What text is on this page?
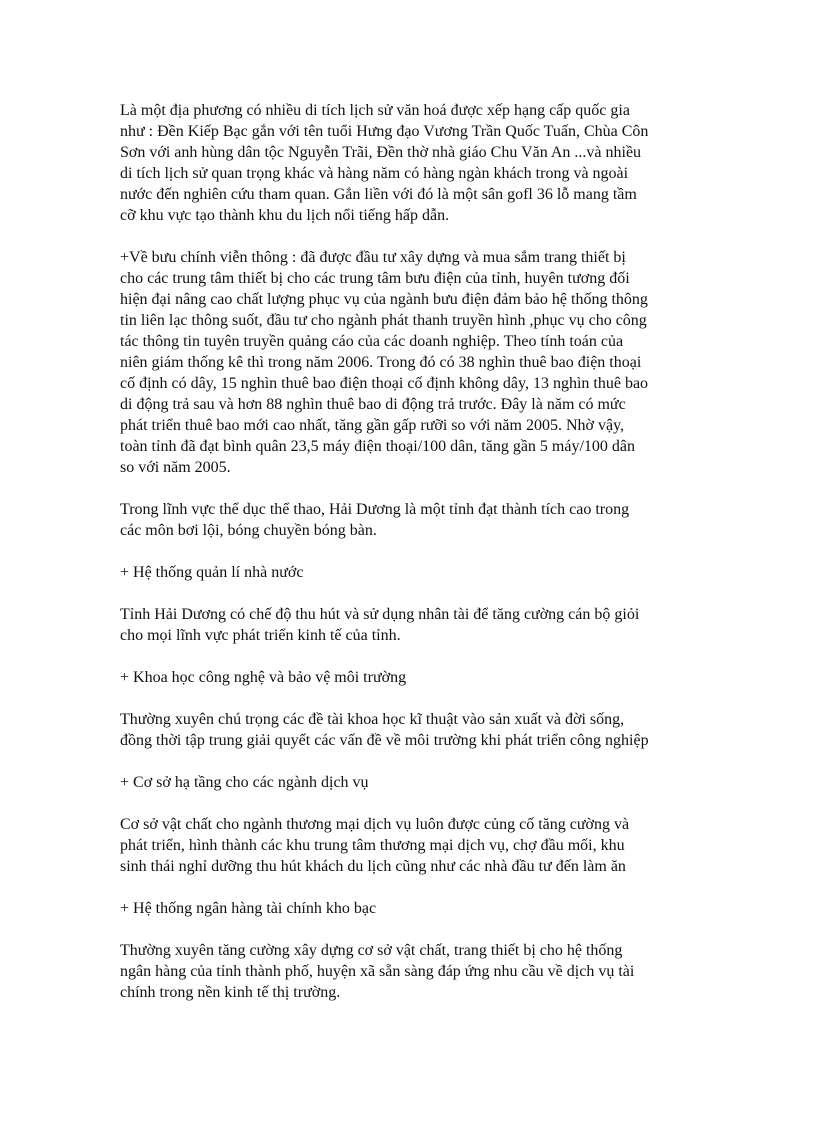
Là một địa phương có nhiều di tích lịch sử văn hoá được xếp hạng cấp quốc gia
như : Đền Kiếp Bạc gắn với tên tuổi Hưng đạo Vương Trần Quốc Tuấn, Chùa Côn
Sơn với anh hùng dân tộc Nguyễn Trãi, Đền thờ nhà giáo Chu Văn An ...và nhiều
di tích lịch sử quan trọng khác và hàng năm có hàng ngàn khách trong và ngoài
nước đến nghiên cứu tham quan. Gắn liền với đó là một sân gofl 36 lỗ mang tầm
cỡ khu vực tạo thành khu du lịch nổi tiếng hấp dẫn.
+Về bưu chính viễn thông : đã được đầu tư xây dựng và mua sắm trang thiết bị
cho các trung tâm thiết bị cho các trung tâm bưu điện của tỉnh, huyên tương đối
hiện đại nâng cao chất lượng phục vụ của ngành bưu điện đảm bảo hệ thống thông
tin liên lạc thông suốt, đầu tư cho ngành phát thanh truyền hình ,phục vụ cho công
tác thông tin tuyên truyền quảng cáo của các doanh nghiệp. Theo tính toán của
niên giám thống kê thì trong năm 2006. Trong đó có 38 nghìn thuê bao điện thoại
cố định có dây, 15 nghìn thuê bao điện thoại cố định không dây, 13 nghìn thuê bao
di động trả sau và hơn 88 nghìn thuê bao di động trả trước. Đây là năm có mức
phát triển thuê bao mới cao nhất, tăng gần gấp rưỡi so với năm 2005. Nhờ vậy,
toàn tỉnh đã đạt bình quân 23,5 máy điện thoại/100 dân, tăng gần 5 máy/100 dân
so với năm 2005.
Trong lĩnh vực thể dục thể thao, Hải Dương là một tỉnh đạt thành tích cao trong
các môn bơi lội, bóng chuyền bóng bàn.
+ Hệ thống quản lí nhà nước
Tỉnh Hải Dương có chế độ thu hút và sử dụng nhân tài để tăng cường cán bộ giỏi
cho mọi lĩnh vực phát triển kinh tế của tỉnh.
+ Khoa học công nghệ và bảo vệ môi trường
Thường xuyên chú trọng các đề tài khoa học kĩ thuật vào sản xuất và đời sống,
đồng thời tập trung giải quyết các vấn đề về môi trường khi phát triển công nghiệp
+ Cơ sở hạ tầng cho các ngành dịch vụ
Cơ sở vật chất cho ngành thương mại dịch vụ luôn được củng cố tăng cường và
phát triển, hình thành các khu trung tâm thương mại dịch vụ, chợ đầu mối, khu
sinh thái nghỉ dưỡng thu hút khách du lịch cũng như các nhà đầu tư đến làm ăn
+ Hệ thống ngân hàng tài chính kho bạc
Thường xuyên tăng cường xây dựng cơ sở vật chất, trang thiết bị cho hệ thống
ngân hàng của tỉnh thành phố, huyện xã sẵn sàng đáp ứng nhu cầu về dịch vụ tài
chính trong nền kinh tế thị trường.
